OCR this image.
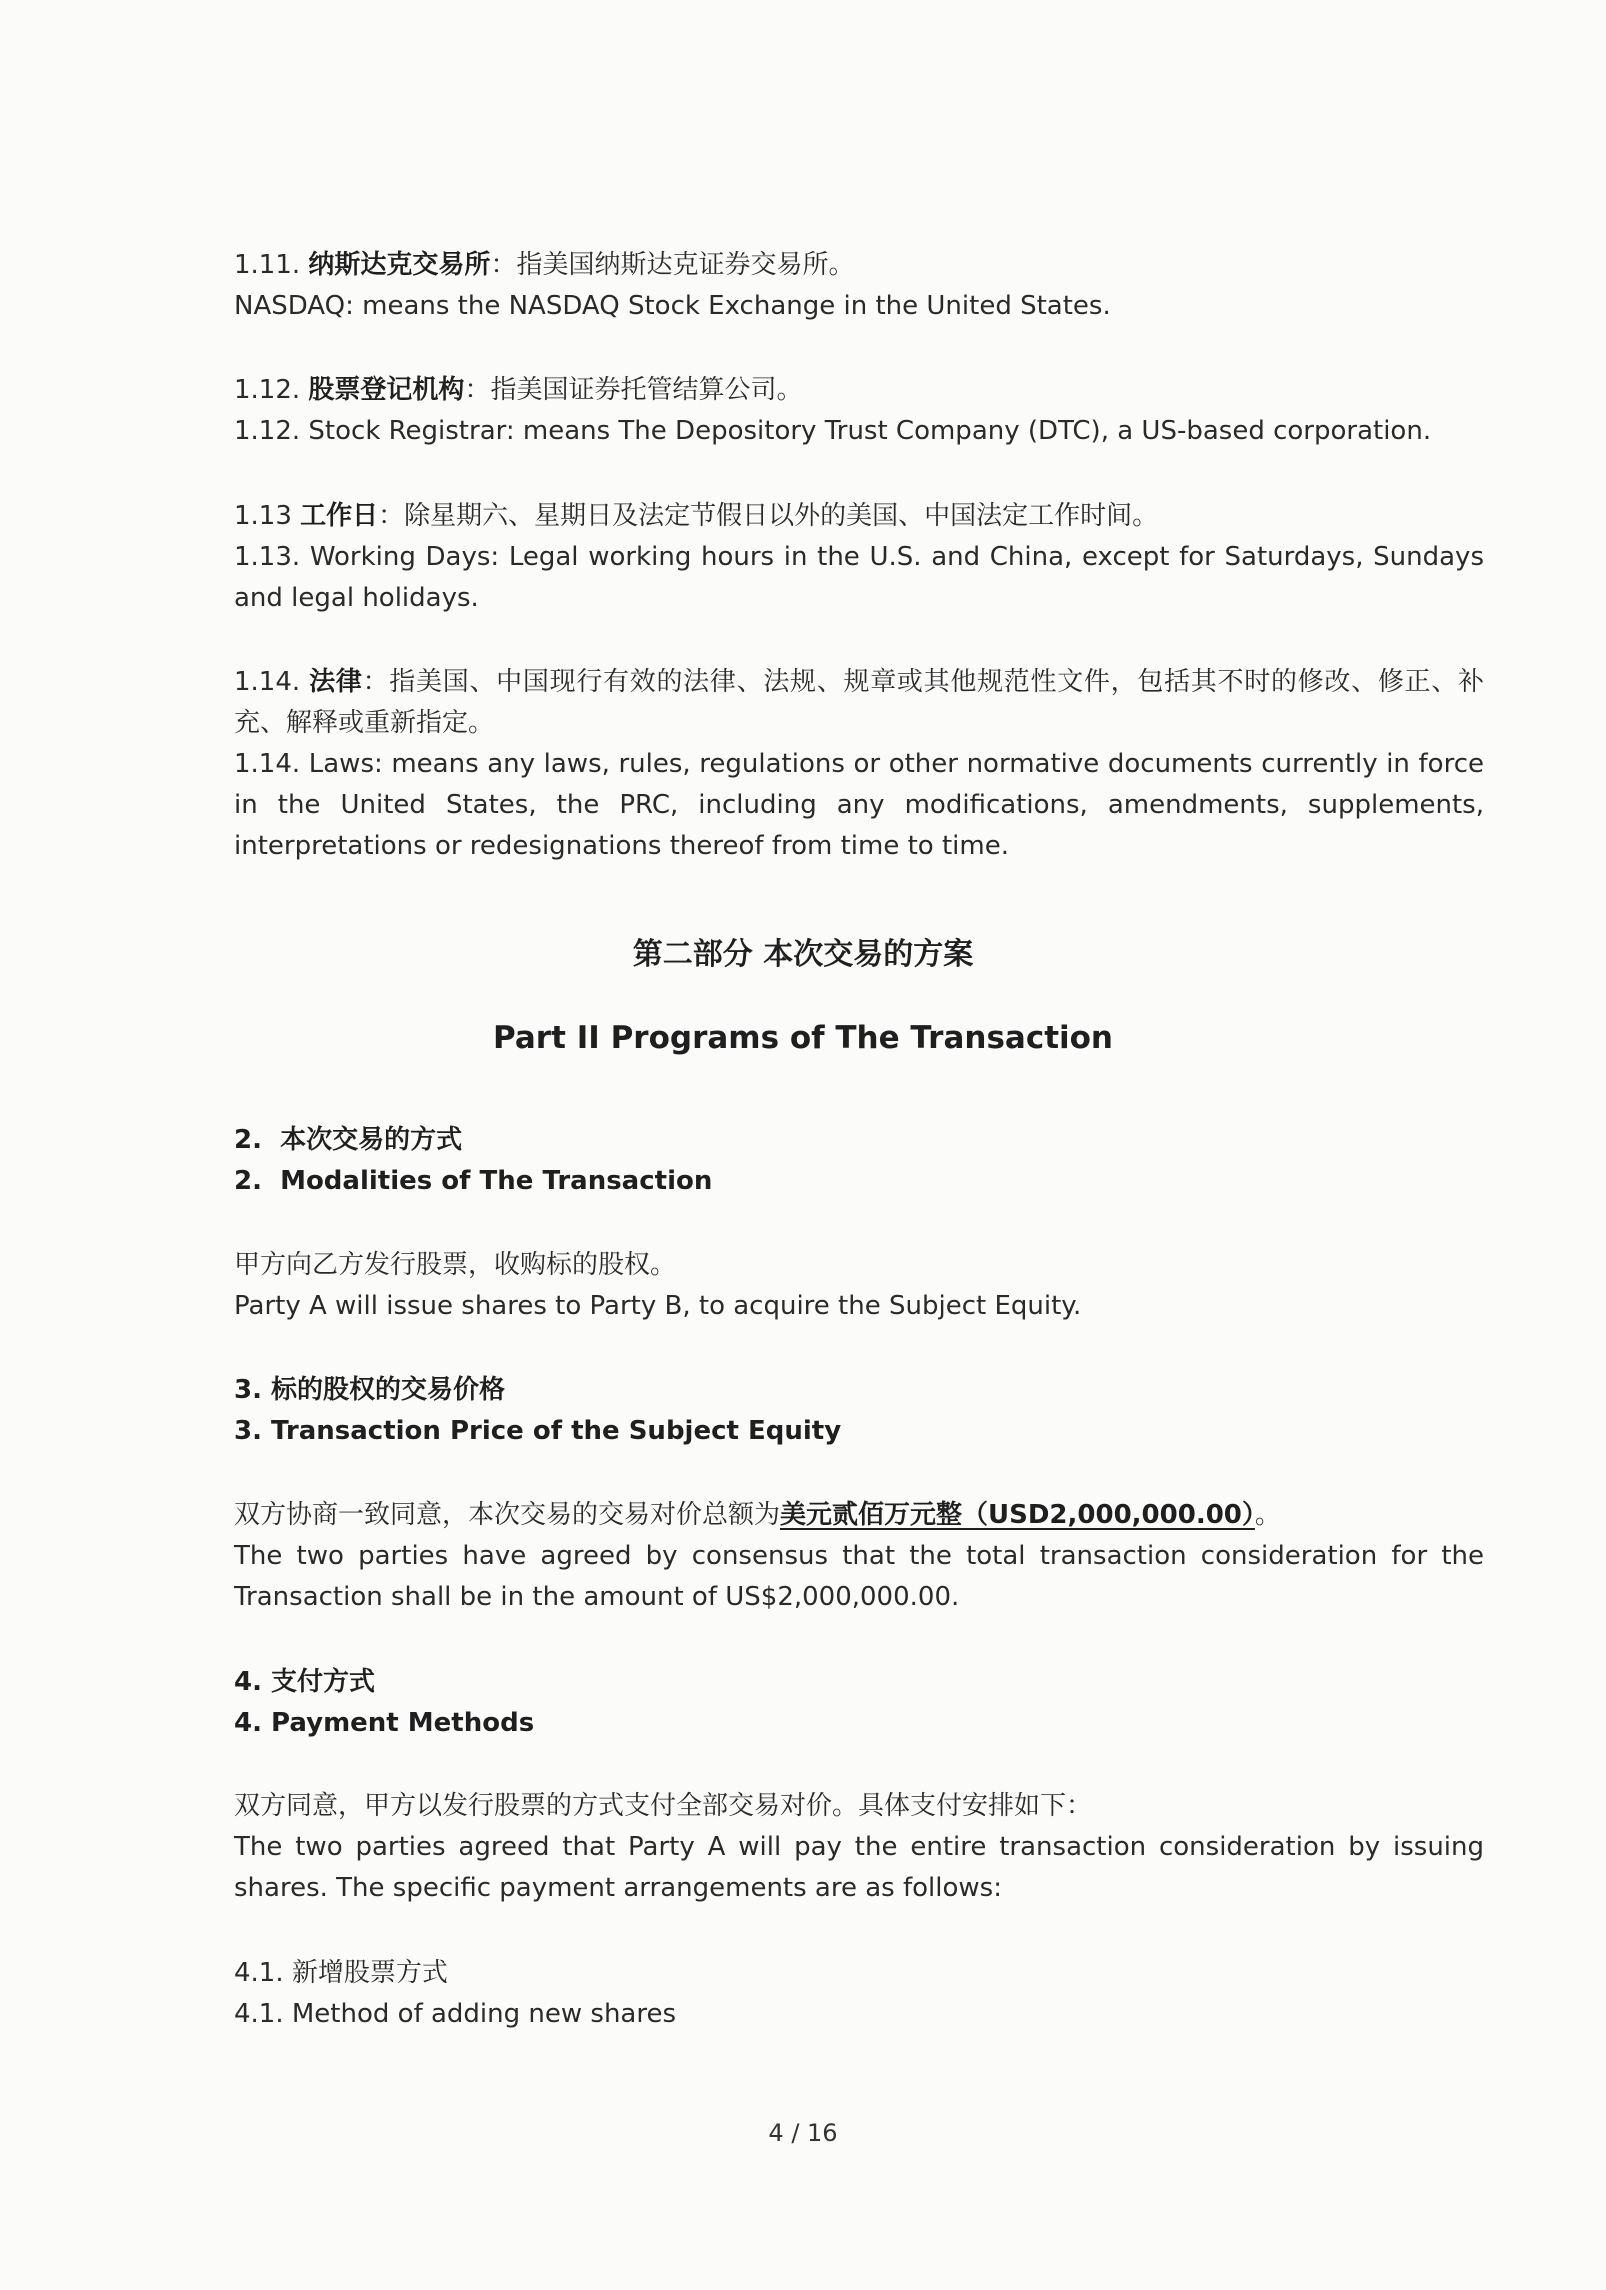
1.11. 纳斯达克交易所：指美国纳斯达克证券交易所。

NASDAQ: means the NASDAQ Stock Exchange in the United States.

1.12. 股票登记机构：指美国证券托管结算公司。

1.12. Stock Registrar: means The Depository Trust Company (DTC), a US-based corporation.

1.13 工作日：除星期六、星期日及法定节假日以外的美国、中国法定工作时间。

1.13. Working Days: Legal working hours in the U.S. and China, except for Saturdays, Sundays and legal holidays.

1.14. 法律：指美国、中国现行有效的法律、法规、规章或其他规范性文件，包括其不时的修改、修正、补充、解释或重新指定。

1.14. Laws: means any laws, rules, regulations or other normative documents currently in force in the United States, the PRC, including any modifications, amendments, supplements, interpretations or redesignations thereof from time to time.

第二部分 本次交易的方案
Part II Programs of The Transaction

2.  本次交易的方式

2.  Modalities of The Transaction

甲方向乙方发行股票，收购标的股权。

Party A will issue shares to Party B, to acquire the Subject Equity.

3. 标的股权的交易价格

3. Transaction Price of the Subject Equity

双方协商一致同意，本次交易的交易对价总额为美元贰佰万元整（USD2,000,000.00）。

The two parties have agreed by consensus that the total transaction consideration for the Transaction shall be in the amount of US$2,000,000.00.

4. 支付方式

4. Payment Methods

双方同意，甲方以发行股票的方式支付全部交易对价。具体支付安排如下：

The two parties agreed that Party A will pay the entire transaction consideration by issuing shares. The specific payment arrangements are as follows:

4.1. 新增股票方式

4.1. Method of adding new shares

4 / 16
